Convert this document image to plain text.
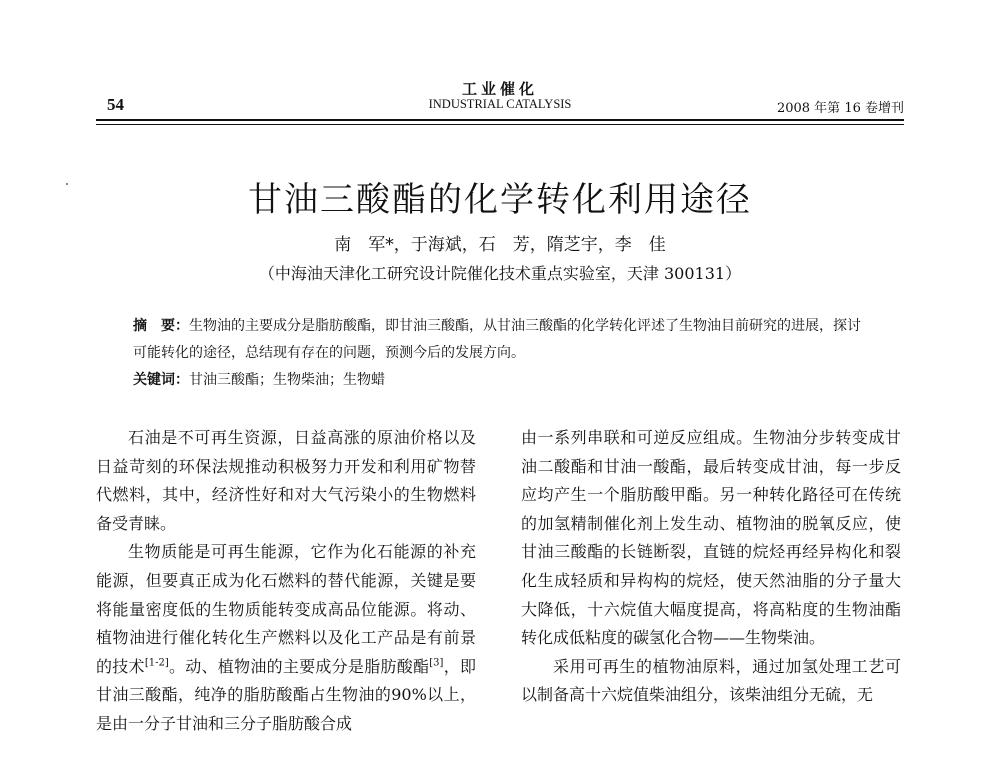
工业催化
INDUSTRIAL CATALYSIS
54	2008 年第 16 卷增刊
甘油三酸酯的化学转化利用途径
南　军*，于海斌，石　芳，隋芝宇，李　佳
（中海油天津化工研究设计院催化技术重点实验室，天津 300131）

摘　要：生物油的主要成分是脂肪酸酯，即甘油三酸酯，从甘油三酸酯的化学转化评述了生物油目前研究的进展，探讨可能转化的途径，总结现有存在的问题，预测今后的发展方向。

关键词：甘油三酸酯；生物柴油；生物蜡

石油是不可再生资源，日益高涨的原油价格以及日益苛刻的环保法规推动积极努力开发和利用矿物替代燃料，其中，经济性好和对大气污染小的生物燃料备受青睐。

生物质能是可再生能源，它作为化石能源的补充能源，但要真正成为化石燃料的替代能源，关键是要将能量密度低的生物质能转变成高品位能源。将动、植物油进行催化转化生产燃料以及化工产品是有前景的技术[1-2]。动、植物油的主要成分是脂肪酸酯[3]，即甘油三酸酯，纯净的脂肪酸酯占生物油的90%以上，是由一分子甘油和三分子脂肪酸合成

由一系列串联和可逆反应组成。生物油分步转变成甘油二酸酯和甘油一酸酯，最后转变成甘油，每一步反应均产生一个脂肪酸甲酯。另一种转化路径可在传统的加氢精制催化剂上发生动、植物油的脱氧反应，使甘油三酸酯的长链断裂，直链的烷烃再经异构化和裂化生成轻质和异构构的烷烃，使天然油脂的分子量大大降低，十六烷值大幅度提高，将高粘度的生物油酯转化成低粘度的碳氢化合物——生物柴油。

采用可再生的植物油原料，通过加氢处理工艺可以制备高十六烷值柴油组分，该柴油组分无硫，无
